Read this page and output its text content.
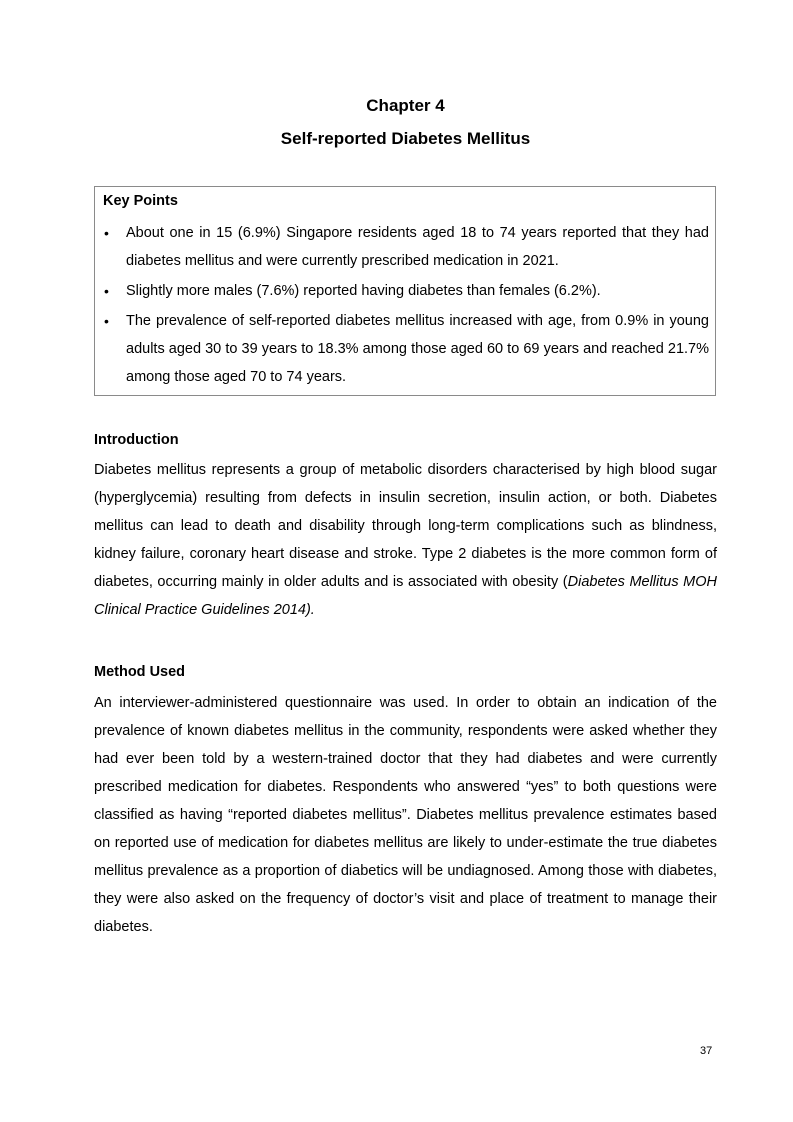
Chapter 4
Self-reported Diabetes Mellitus
Key Points
• About one in 15 (6.9%) Singapore residents aged 18 to 74 years reported that they had diabetes mellitus and were currently prescribed medication in 2021.
• Slightly more males (7.6%) reported having diabetes than females (6.2%).
• The prevalence of self-reported diabetes mellitus increased with age, from 0.9% in young adults aged 30 to 39 years to 18.3% among those aged 60 to 69 years and reached 21.7% among those aged 70 to 74 years.
Introduction

Diabetes mellitus represents a group of metabolic disorders characterised by high blood sugar (hyperglycemia) resulting from defects in insulin secretion, insulin action, or both. Diabetes mellitus can lead to death and disability through long-term complications such as blindness, kidney failure, coronary heart disease and stroke. Type 2 diabetes is the more common form of diabetes, occurring mainly in older adults and is associated with obesity (Diabetes Mellitus MOH Clinical Practice Guidelines 2014).

Method Used

An interviewer-administered questionnaire was used. In order to obtain an indication of the prevalence of known diabetes mellitus in the community, respondents were asked whether they had ever been told by a western-trained doctor that they had diabetes and were currently prescribed medication for diabetes. Respondents who answered “yes” to both questions were classified as having “reported diabetes mellitus”. Diabetes mellitus prevalence estimates based on reported use of medication for diabetes mellitus are likely to under-estimate the true diabetes mellitus prevalence as a proportion of diabetics will be undiagnosed. Among those with diabetes, they were also asked on the frequency of doctor’s visit and place of treatment to manage their diabetes.

37
